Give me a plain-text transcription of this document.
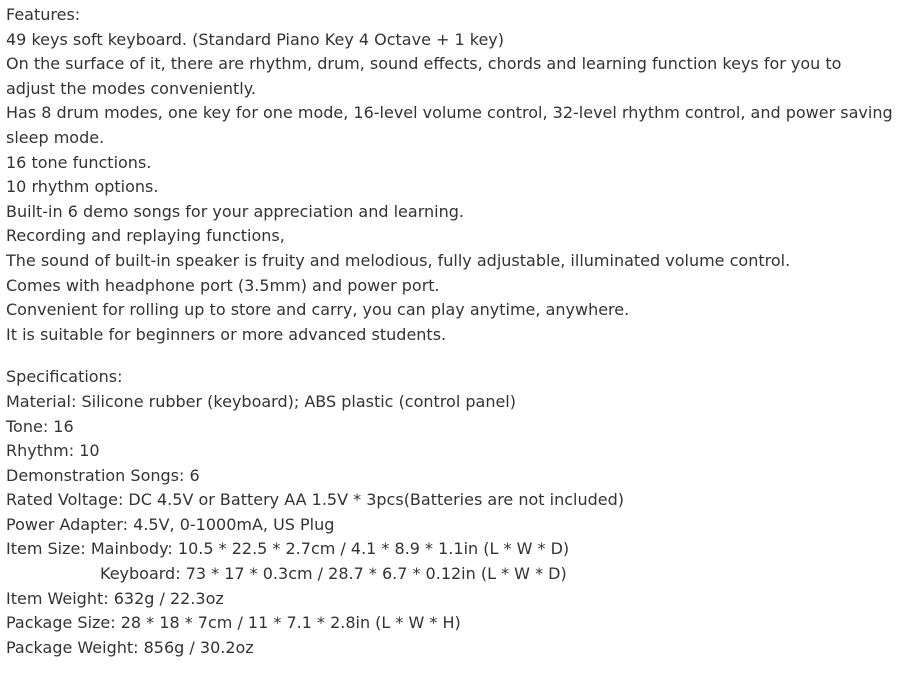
Features:
49 keys soft keyboard. (Standard Piano Key 4 Octave + 1 key)
On the surface of it, there are rhythm, drum, sound effects, chords and learning function keys for you to adjust the modes conveniently.
Has 8 drum modes, one key for one mode, 16-level volume control, 32-level rhythm control, and power saving sleep mode.
16 tone functions.
10 rhythm options.
Built-in 6 demo songs for your appreciation and learning.
Recording and replaying functions,
The sound of built-in speaker is fruity and melodious, fully adjustable, illuminated volume control.
Comes with headphone port (3.5mm) and power port.
Convenient for rolling up to store and carry, you can play anytime, anywhere.
It is suitable for beginners or more advanced students.
Specifications:
Material: Silicone rubber (keyboard); ABS plastic (control panel)
Tone: 16
Rhythm: 10
Demonstration Songs: 6
Rated Voltage: DC 4.5V or Battery AA 1.5V * 3pcs(Batteries are not included)
Power Adapter: 4.5V, 0-1000mA, US Plug
Item Size: Mainbody: 10.5 * 22.5 * 2.7cm / 4.1 * 8.9 * 1.1in (L * W * D)
Keyboard: 73 * 17 * 0.3cm / 28.7 * 6.7 * 0.12in (L * W * D)
Item Weight: 632g / 22.3oz
Package Size: 28 * 18 * 7cm / 11 * 7.1 * 2.8in (L * W * H)
Package Weight: 856g / 30.2oz
